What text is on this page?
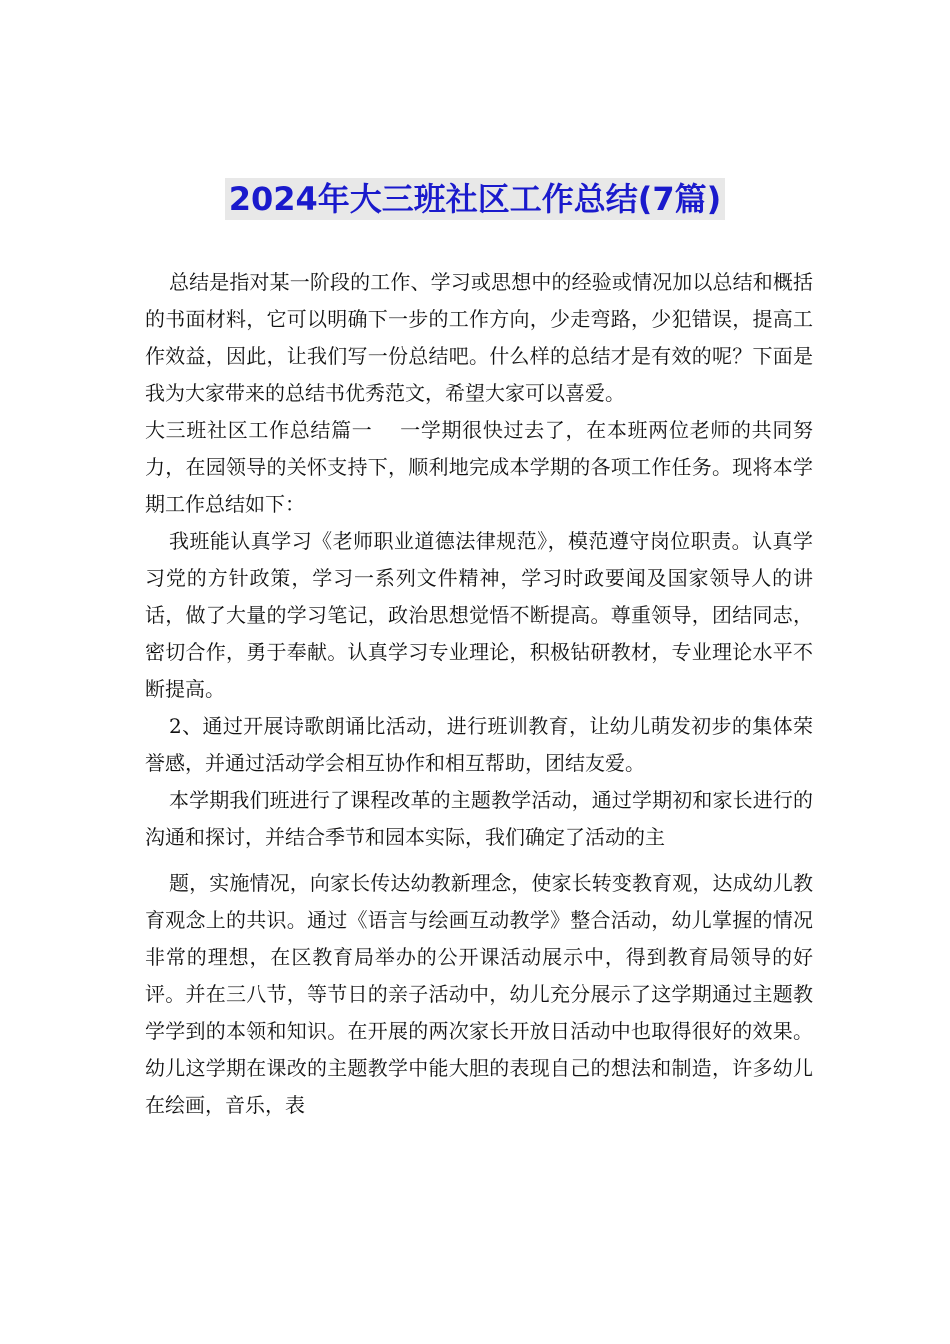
2024年大三班社区工作总结(7篇)

总结是指对某一阶段的工作、学习或思想中的经验或情况加以总结和概括的书面材料，它可以明确下一步的工作方向，少走弯路，少犯错误，提高工作效益，因此，让我们写一份总结吧。什么样的总结才是有效的呢？下面是我为大家带来的总结书优秀范文，希望大家可以喜爱。

大三班社区工作总结篇一　 一学期很快过去了，在本班两位老师的共同努力，在园领导的关怀支持下，顺利地完成本学期的各项工作任务。现将本学期工作总结如下：

我班能认真学习《老师职业道德法律规范》，模范遵守岗位职责。认真学习党的方针政策，学习一系列文件精神，学习时政要闻及国家领导人的讲话，做了大量的学习笔记，政治思想觉悟不断提高。尊重领导，团结同志，密切合作，勇于奉献。认真学习专业理论，积极钻研教材，专业理论水平不断提高。

2、通过开展诗歌朗诵比活动，进行班训教育，让幼儿萌发初步的集体荣誉感，并通过活动学会相互协作和相互帮助，团结友爱。

本学期我们班进行了课程改革的主题教学活动，通过学期初和家长进行的沟通和探讨，并结合季节和园本实际，我们确定了活动的主

题，实施情况，向家长传达幼教新理念，使家长转变教育观，达成幼儿教育观念上的共识。通过《语言与绘画互动教学》整合活动，幼儿掌握的情况非常的理想，在区教育局举办的公开课活动展示中，得到教育局领导的好评。并在三八节，等节日的亲子活动中，幼儿充分展示了这学期通过主题教学学到的本领和知识。在开展的两次家长开放日活动中也取得很好的效果。幼儿这学期在课改的主题教学中能大胆的表现自己的想法和制造，许多幼儿在绘画，音乐，表
